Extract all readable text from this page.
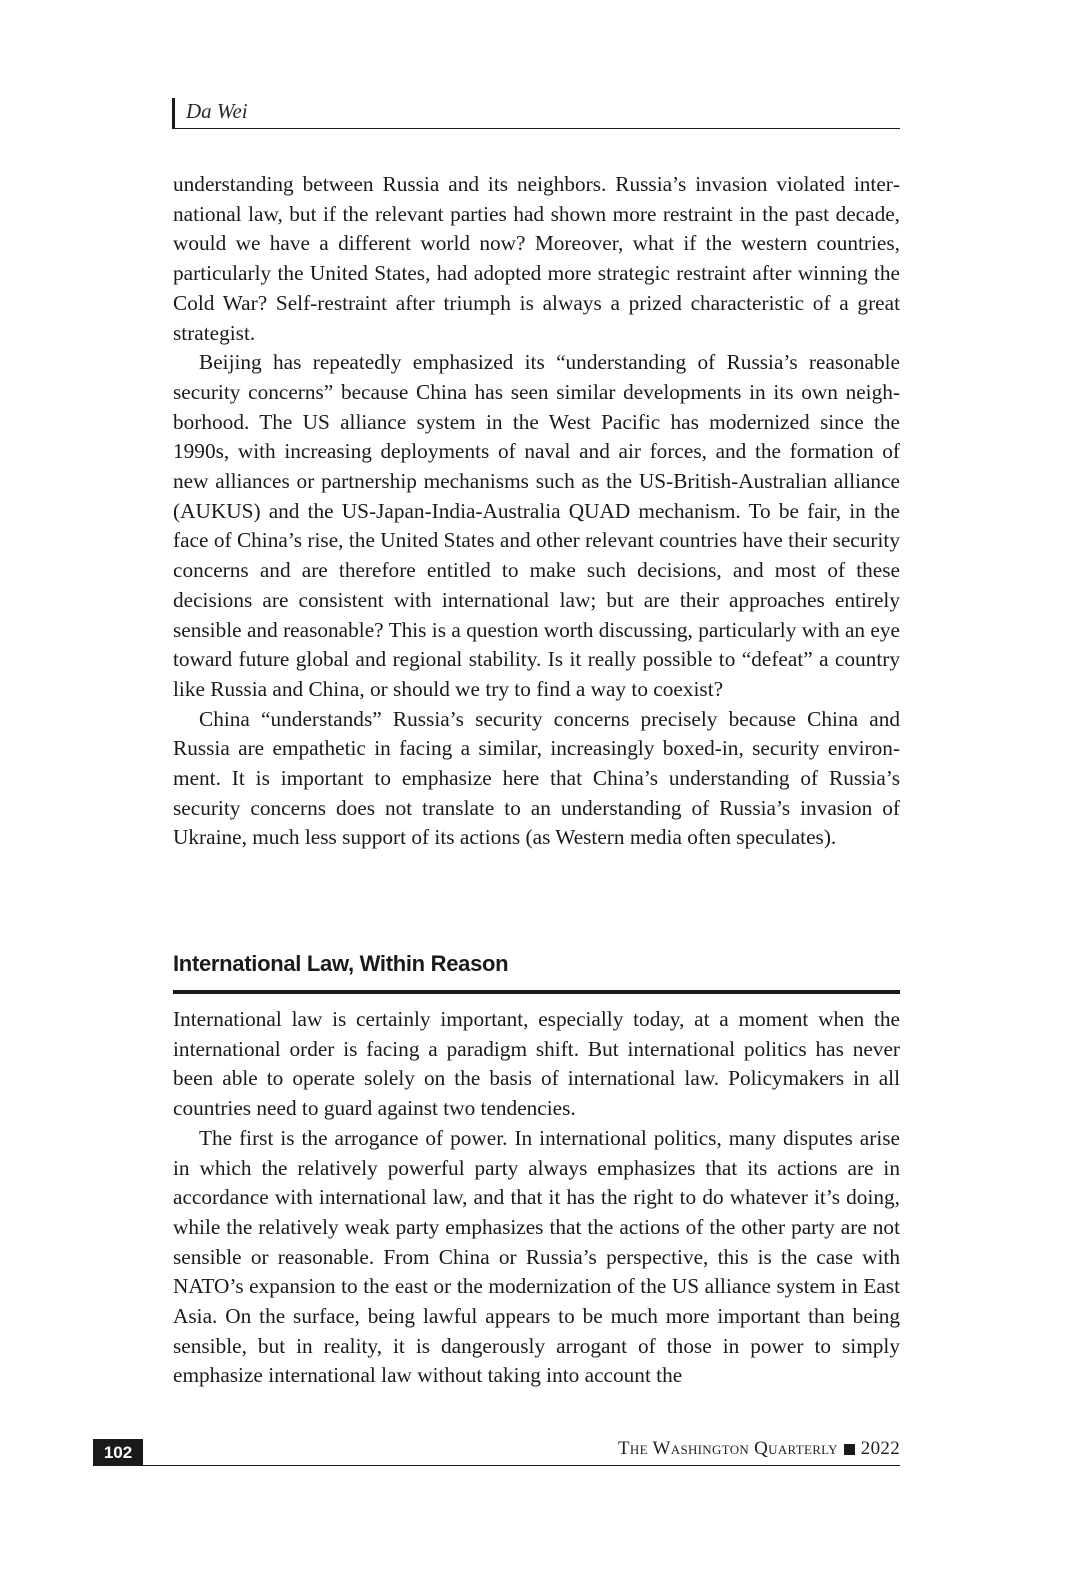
Da Wei

understanding between Russia and its neighbors. Russia’s invasion violated international law, but if the relevant parties had shown more restraint in the past decade, would we have a different world now? Moreover, what if the western countries, particularly the United States, had adopted more strategic restraint after winning the Cold War? Self-restraint after triumph is always a prized characteristic of a great strategist.

Beijing has repeatedly emphasized its “understanding of Russia’s reasonable security concerns” because China has seen similar developments in its own neighborhood. The US alliance system in the West Pacific has modernized since the 1990s, with increasing deployments of naval and air forces, and the formation of new alliances or partnership mechanisms such as the US-British-Australian alliance (AUKUS) and the US-Japan-India-Australia QUAD mechanism. To be fair, in the face of China’s rise, the United States and other relevant countries have their security concerns and are therefore entitled to make such decisions, and most of these decisions are consistent with international law; but are their approaches entirely sensible and reasonable? This is a question worth discussing, particularly with an eye toward future global and regional stability. Is it really possible to “defeat” a country like Russia and China, or should we try to find a way to coexist?

China “understands” Russia’s security concerns precisely because China and Russia are empathetic in facing a similar, increasingly boxed-in, security environment. It is important to emphasize here that China’s understanding of Russia’s security concerns does not translate to an understanding of Russia’s invasion of Ukraine, much less support of its actions (as Western media often speculates).

International Law, Within Reason

International law is certainly important, especially today, at a moment when the international order is facing a paradigm shift. But international politics has never been able to operate solely on the basis of international law. Policymakers in all countries need to guard against two tendencies.

The first is the arrogance of power. In international politics, many disputes arise in which the relatively powerful party always emphasizes that its actions are in accordance with international law, and that it has the right to do whatever it’s doing, while the relatively weak party emphasizes that the actions of the other party are not sensible or reasonable. From China or Russia’s perspective, this is the case with NATO’s expansion to the east or the modernization of the US alliance system in East Asia. On the surface, being lawful appears to be much more important than being sensible, but in reality, it is dangerously arrogant of those in power to simply emphasize international law without taking into account the

102	The Washington Quarterly 2022
